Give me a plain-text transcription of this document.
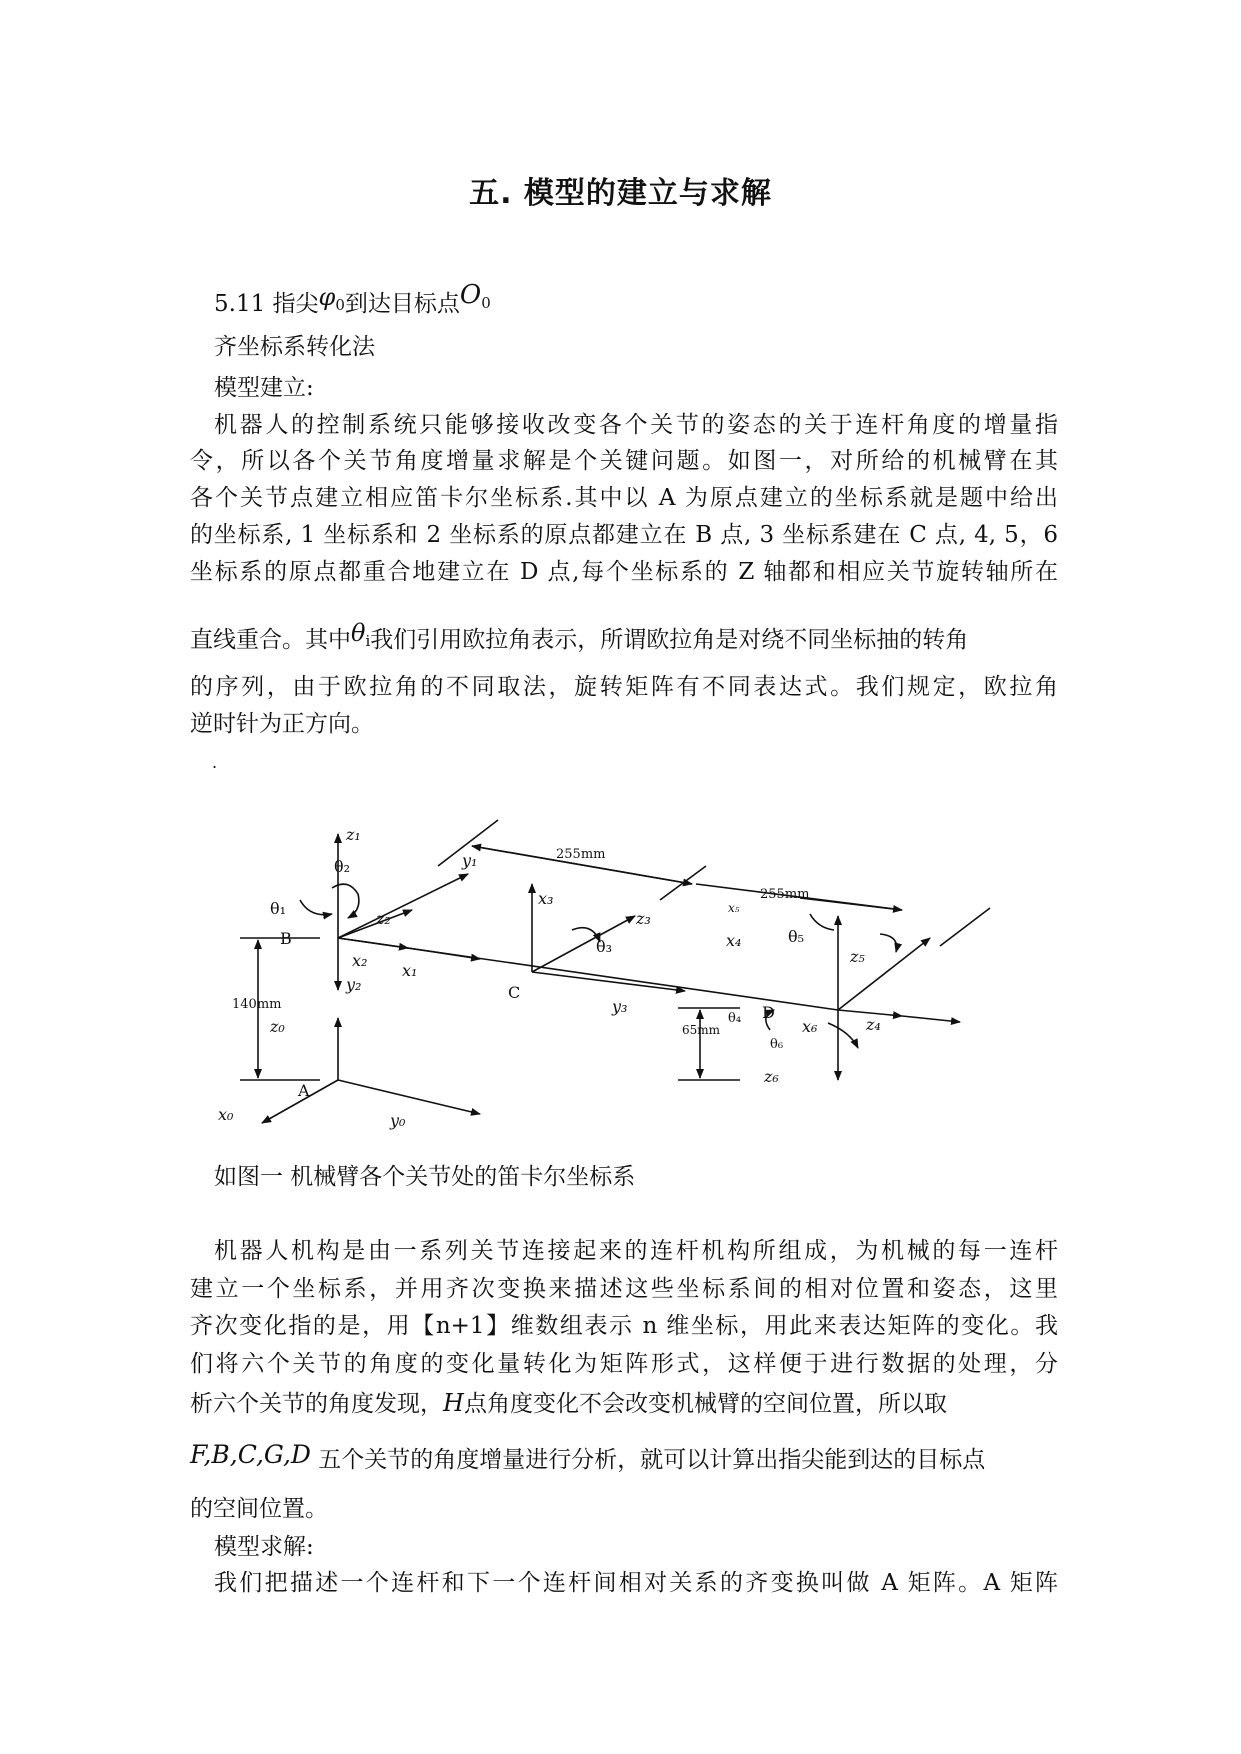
五. 模型的建立与求解
5.11 指尖$\varphi_0$到达目标点$O_0$
齐坐标系转化法
模型建立:
机器人的控制系统只能够接收改变各个关节的姿态的关于连杆角度的增量指
令，所以各个关节角度增量求解是个关键问题。如图一，对所给的机械臂在其
各个关节点建立相应笛卡尔坐标系.其中以 A 为原点建立的坐标系就是题中给出
的坐标系, 1 坐标系和 2 坐标系的原点都建立在 B 点, 3 坐标系建在 C 点, 4, 5，6
坐标系的原点都重合地建立在 D 点,每个坐标系的 Z 轴都和相应关节旋转轴所在
直线重合。其中$\theta_i$我们引用欧拉角表示，所谓欧拉角是对绕不同坐标抽的转角
的序列，由于欧拉角的不同取法，旋转矩阵有不同表达式。我们规定，欧拉角
逆时针为正方向。
.
z₁
y₁
z₂
x₂
x₁
y₂
θ₁
θ₂
B
x₃
z₃
θ₃
C
y₃
255mm
255mm
x₅
x₄	θ₅
z₅
D
θ₄	x₆	z₄
θ₆
z₆
65mm
140mm
z₀
A
x₀	y₀
如图一 机械臂各个关节处的笛卡尔坐标系
机器人机构是由一系列关节连接起来的连杆机构所组成，为机械的每一连杆
建立一个坐标系，并用齐次变换来描述这些坐标系间的相对位置和姿态，这里
齐次变化指的是，用【n+1】维数组表示 n 维坐标，用此来表达矩阵的变化。我
们将六个关节的角度的变化量转化为矩阵形式，这样便于进行数据的处理，分
析六个关节的角度发现，H点角度变化不会改变机械臂的空间位置，所以取
F,B,C,G,D 五个关节的角度增量进行分析，就可以计算出指尖能到达的目标点
的空间位置。
模型求解:
我们把描述一个连杆和下一个连杆间相对关系的齐变换叫做 A 矩阵。A 矩阵
